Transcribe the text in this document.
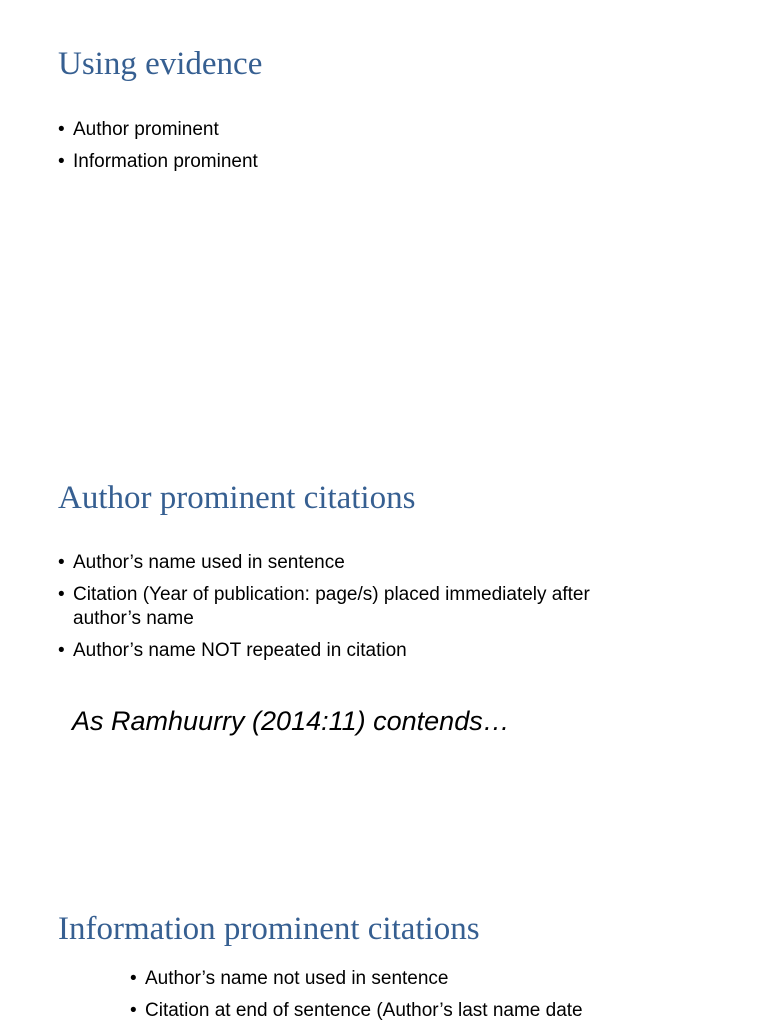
Using evidence
• Author prominent
• Information prominent
Author prominent citations
• Author’s name used in sentence
• Citation (Year of publication: page/s) placed immediately after author’s name
• Author’s name NOT repeated in citation

As Ramhuurry (2014:11) contends…

Information prominent citations
• Author’s name not used in sentence
• Citation at end of sentence (Author’s last name date
